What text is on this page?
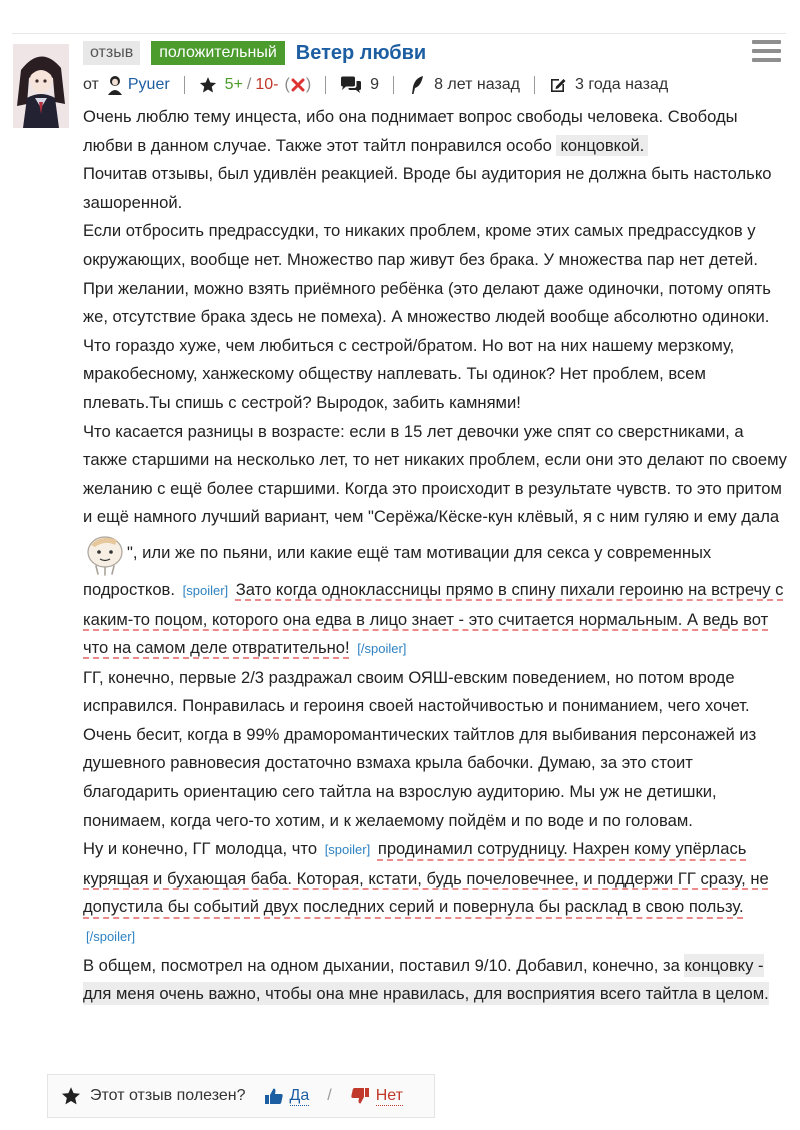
отзыв	положительный Ветер любви
от Pyuer	5+ / 10- ( )	9	8 лет назад	3 года назад

Очень люблю тему инцеста, ибо она поднимает вопрос свободы человека. Свободы любви в данном случае. Также этот тайтл понравился особо концовкой.

Почитав отзывы, был удивлён реакцией. Вроде бы аудитория не должна быть настолько зашоренной.

Если отбросить предрассудки, то никаких проблем, кроме этих самых предрассудков у окружающих, вообще нет. Множество пар живут без брака. У множества пар нет детей. При желании, можно взять приёмного ребёнка (это делают даже одиночки, потому опять же, отсутствие брака здесь не помеха). А множество людей вообще абсолютно одиноки. Что гораздо хуже, чем любиться с сестрой/братом. Но вот на них нашему мерзкому, мракобесному, ханжескому обществу наплевать. Ты одинок? Нет проблем, всем плевать.Ты спишь с сестрой? Выродок, забить камнями!

Что касается разницы в возрасте: если в 15 лет девочки уже спят со сверстниками, а также старшими на несколько лет, то нет никаких проблем, если они это делают по своему желанию с ещё более старшими. Когда это происходит в результате чувств. то это притом и ещё намного лучший вариант, чем "Серёжа/Кёске-кун клёвый, я с ним гуляю и ему дала", или же по пьяни, или какие ещё там мотивации для секса у современных подростков. [spoiler] Зато когда одноклассницы прямо в спину пихали героиню на встречу с каким-то поцом, которого она едва в лицо знает - это считается нормальным. А ведь вот что на самом деле отвратительно! [/spoiler]

ГГ, конечно, первые 2/3 раздражал своим ОЯШ-евским поведением, но потом вроде исправился. Понравилась и героиня своей настойчивостью и пониманием, чего хочет. Очень бесит, когда в 99% драморомантических тайтлов для выбивания персонажей из душевного равновесия достаточно взмаха крыла бабочки. Думаю, за это стоит благодарить ориентацию сего тайтла на взрослую аудиторию. Мы уж не детишки, понимаем, когда чего-то хотим, и к желаемому пойдём и по воде и по головам.

Ну и конечно, ГГ молодца, что [spoiler] продинамил сотрудницу. Нахрен кому упёрлась курящая и бухающая баба. Которая, кстати, будь почеловечнее, и поддержи ГГ сразу, не допустила бы событий двух последних серий и повернула бы расклад в свою пользу. [/spoiler]

В общем, посмотрел на одном дыхании, поставил 9/10. Добавил, конечно, за концовку - для меня очень важно, чтобы она мне нравилась, для восприятия всего тайтла в целом.

Этот отзыв полезен?	Да /	Нет
